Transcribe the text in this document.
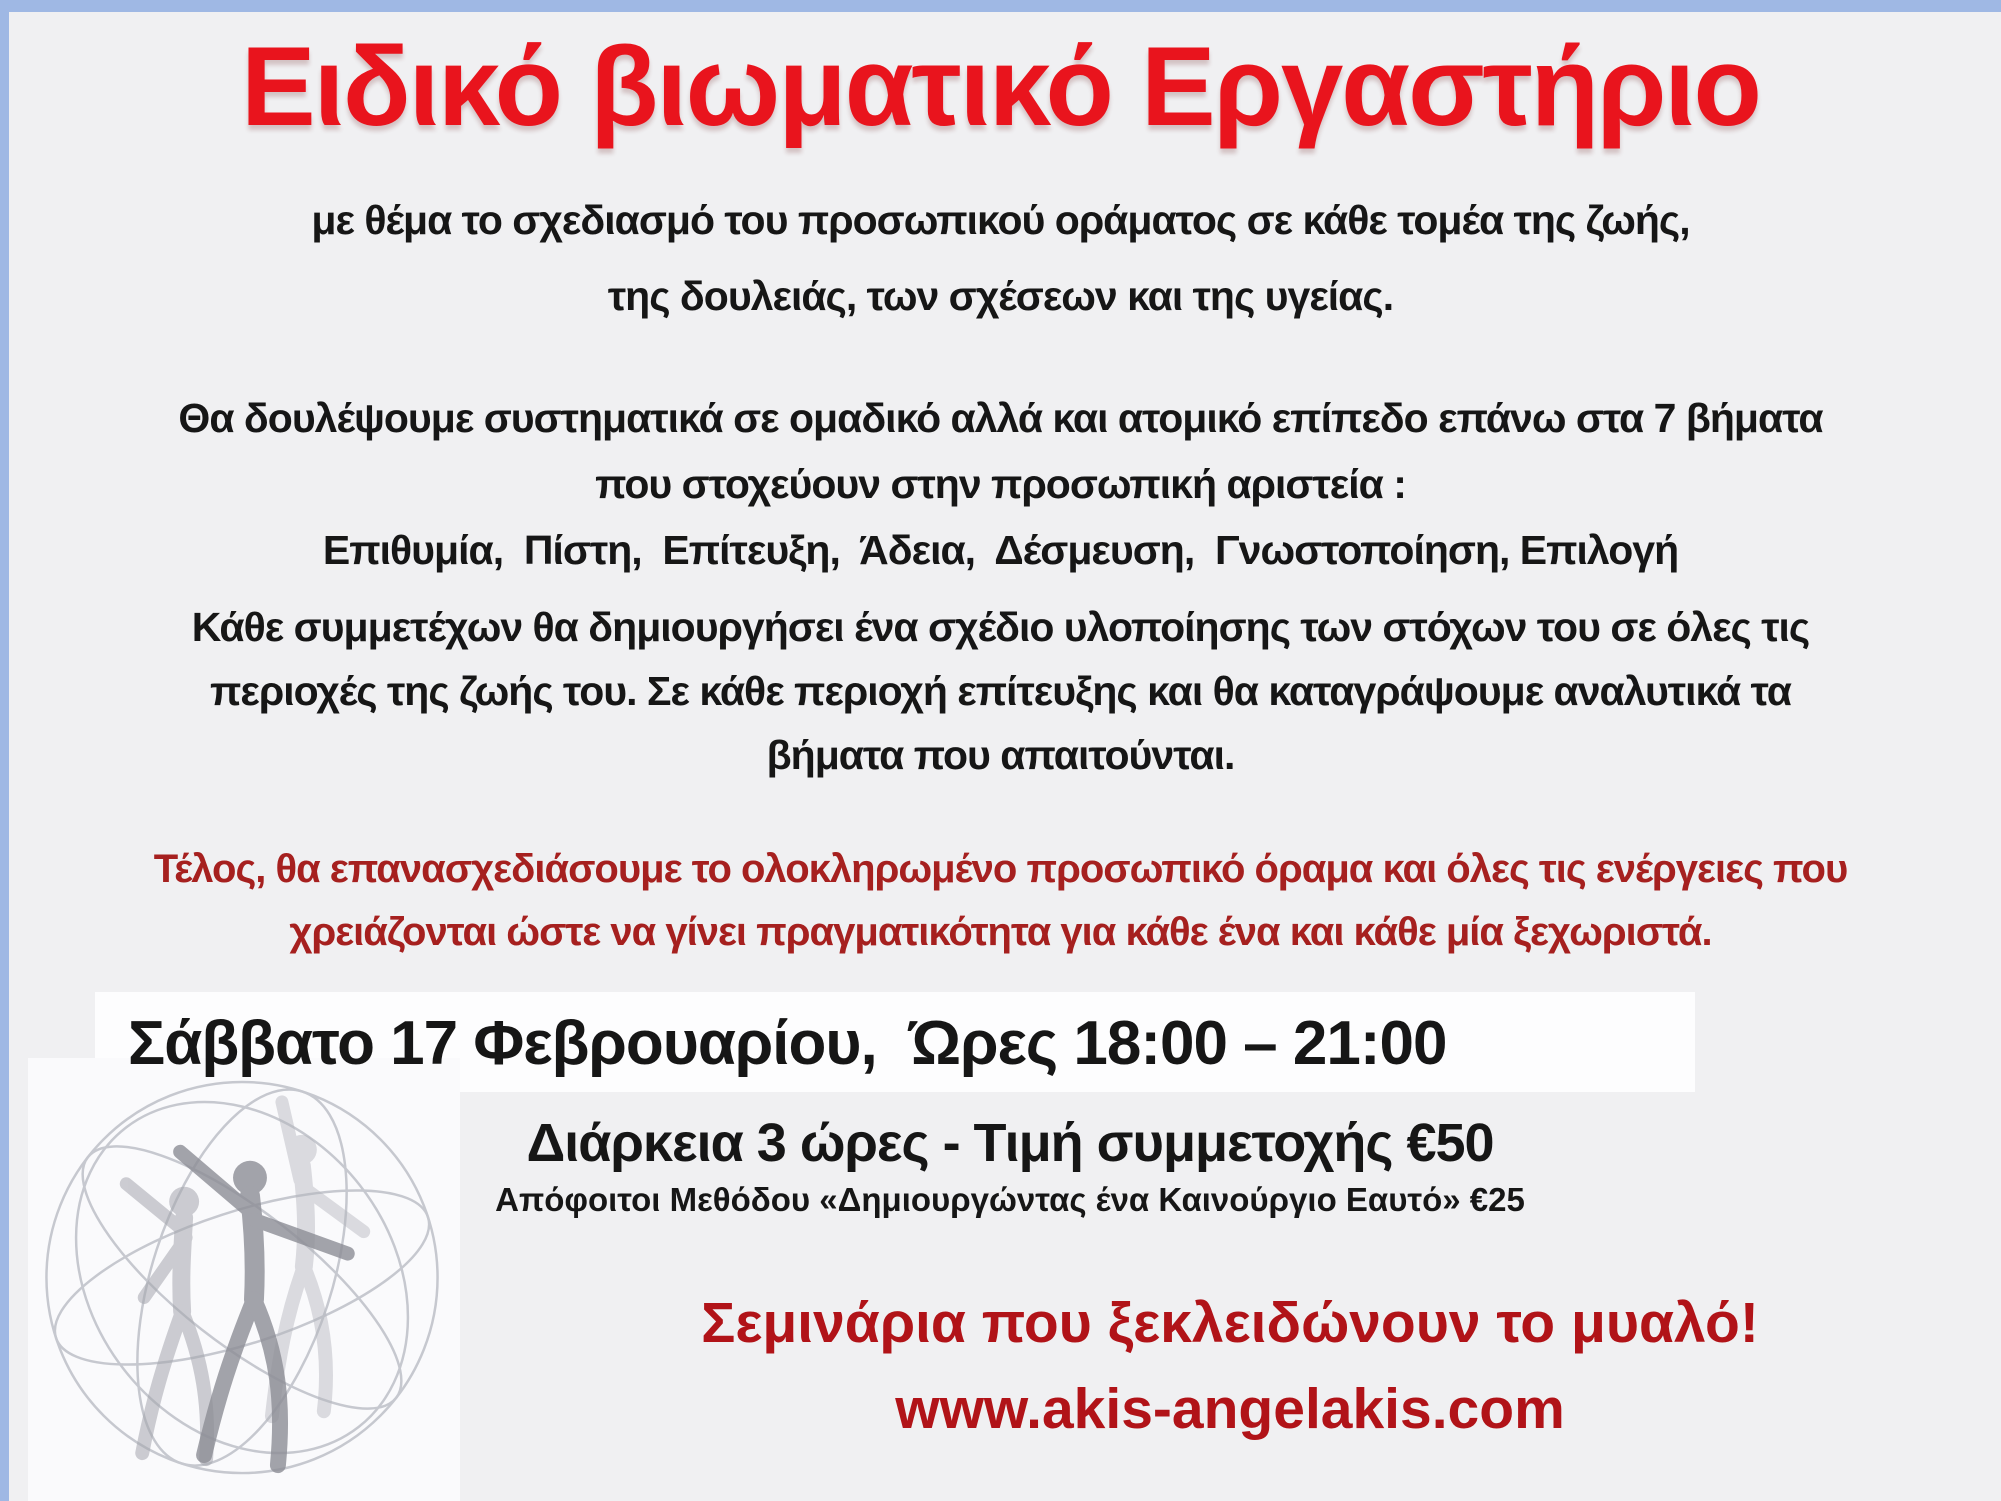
Ειδικό βιωματικό Εργαστήριο
με θέμα το σχεδιασμό του προσωπικού οράματος σε κάθε τομέα της ζωής,
της δουλειάς, των σχέσεων και της υγείας.
Θα δουλέψουμε συστηματικά σε ομαδικό αλλά και ατομικό επίπεδο επάνω στα 7 βήματα
που στοχεύουν στην προσωπική αριστεία :
Επιθυμία,  Πίστη,  Επίτευξη,  Άδεια,  Δέσμευση,  Γνωστοποίηση, Επιλογή
Κάθε συμμετέχων θα δημιουργήσει ένα σχέδιο υλοποίησης των στόχων του σε όλες τις
περιοχές της ζωής του. Σε κάθε περιοχή επίτευξης και θα καταγράψουμε αναλυτικά τα
βήματα που απαιτούνται.
Τέλος, θα επανασχεδιάσουμε το ολοκληρωμένο προσωπικό όραμα και όλες τις ενέργειες που
χρειάζονται ώστε να γίνει πραγματικότητα για κάθε ένα και κάθε μία ξεχωριστά.
Σάββατο 17 Φεβρουαρίου,  Ώρες 18:00 – 21:00
Διάρκεια 3 ώρες - Τιμή συμμετοχής €50
Απόφοιτοι Μεθόδου «Δημιουργώντας ένα Καινούργιο Εαυτό» €25
Σεμινάρια που ξεκλειδώνουν το μυαλό!
www.akis-angelakis.com
